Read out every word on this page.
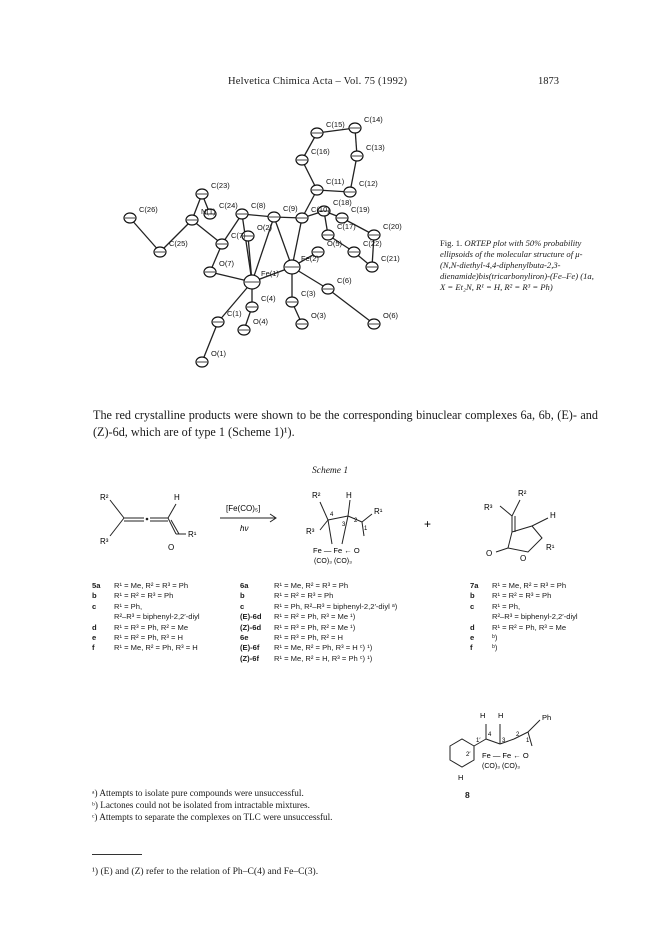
Helvetica Chimica Acta – Vol. 75 (1992)	1873
C(15)
C(14)
C(16)	C(13)
C(11) C(12)
C(23)
C(18)
C(24) C(8) C(9) C(10)	C(19)
C(26)	N(1)
O(2)	C(17)	C(20)
C(7)
C(25)	O(5)	C(22)
O(7)
Fe(2)	C(21)
Fe(1)
C(6)
C(3)
C(4)
C(1)	O(3)	O(6)
O(4)
O(1)
Fig. 1. ORTEP plot with 50% probability ellipsoids of the molecular structure of μ-(N,N-diethyl-4,4-diphenylbuta-2,3-dienamide)bis(tricarbonyliron)-(Fe–Fe) (1a, X = Et₂N, R¹ = H, R² = R³ = Ph)
The red crystalline products were shown to be the corresponding binuclear complexes 6a, 6b, (E)- and (Z)-6d, which are of type 1 (Scheme 1)¹).
Scheme 1
R²
R³
H
R¹
O
[Fe(CO)₅]
hν
R²
R³
H
R¹
4
3
2
1
Fe — Fe ← O
(CO)₃ (CO)₃
+
R²
R³
H
O
O
R¹
5a R¹ = Me, R² = R³ = Ph
b R¹ = R² = R³ = Ph
c R¹ = Ph,
R²–R³ = biphenyl-2,2′-diyl
d R¹ = R³ = Ph, R² = Me
e R¹ = R² = Ph, R³ = H
f	R¹ = Me, R² = Ph, R³ = H
6a	R¹ = Me, R² = R³ = Ph
b	R¹ = R² = R³ = Ph
c	R¹ = Ph, R²–R³ = biphenyl-2,2′-diyl ᵃ)
(E)-6d R¹ = R² = Ph, R³ = Me ¹)
(Z)-6d R¹ = R³ = Ph, R² = Me ¹)
6e	R¹ = R³ = Ph, R² = H
(E)-6f R¹ = Me, R² = Ph, R³ = H ᶜ) ¹)
(Z)-6f R¹ = Me, R² = H, R³ = Ph ᶜ) ¹)
7a R¹ = Me, R² = R³ = Ph
b R¹ = R² = R³ = Ph
c R¹ = Ph,
R²–R³ = biphenyl-2,2′-diyl
d R¹ = R² = Ph, R³ = Me
e ᵇ)
f	ᵇ)
H H	Ph
1′
2′
4
3
2
1
Fe — Fe ← O
(CO)₃ (CO)₃
H
8
ᵃ) Attempts to isolate pure compounds were unsuccessful.
ᵇ) Lactones could not be isolated from intractable mixtures.
ᶜ) Attempts to separate the complexes on TLC were unsuccessful.
¹) (E) and (Z) refer to the relation of Ph–C(4) and Fe–C(3).
